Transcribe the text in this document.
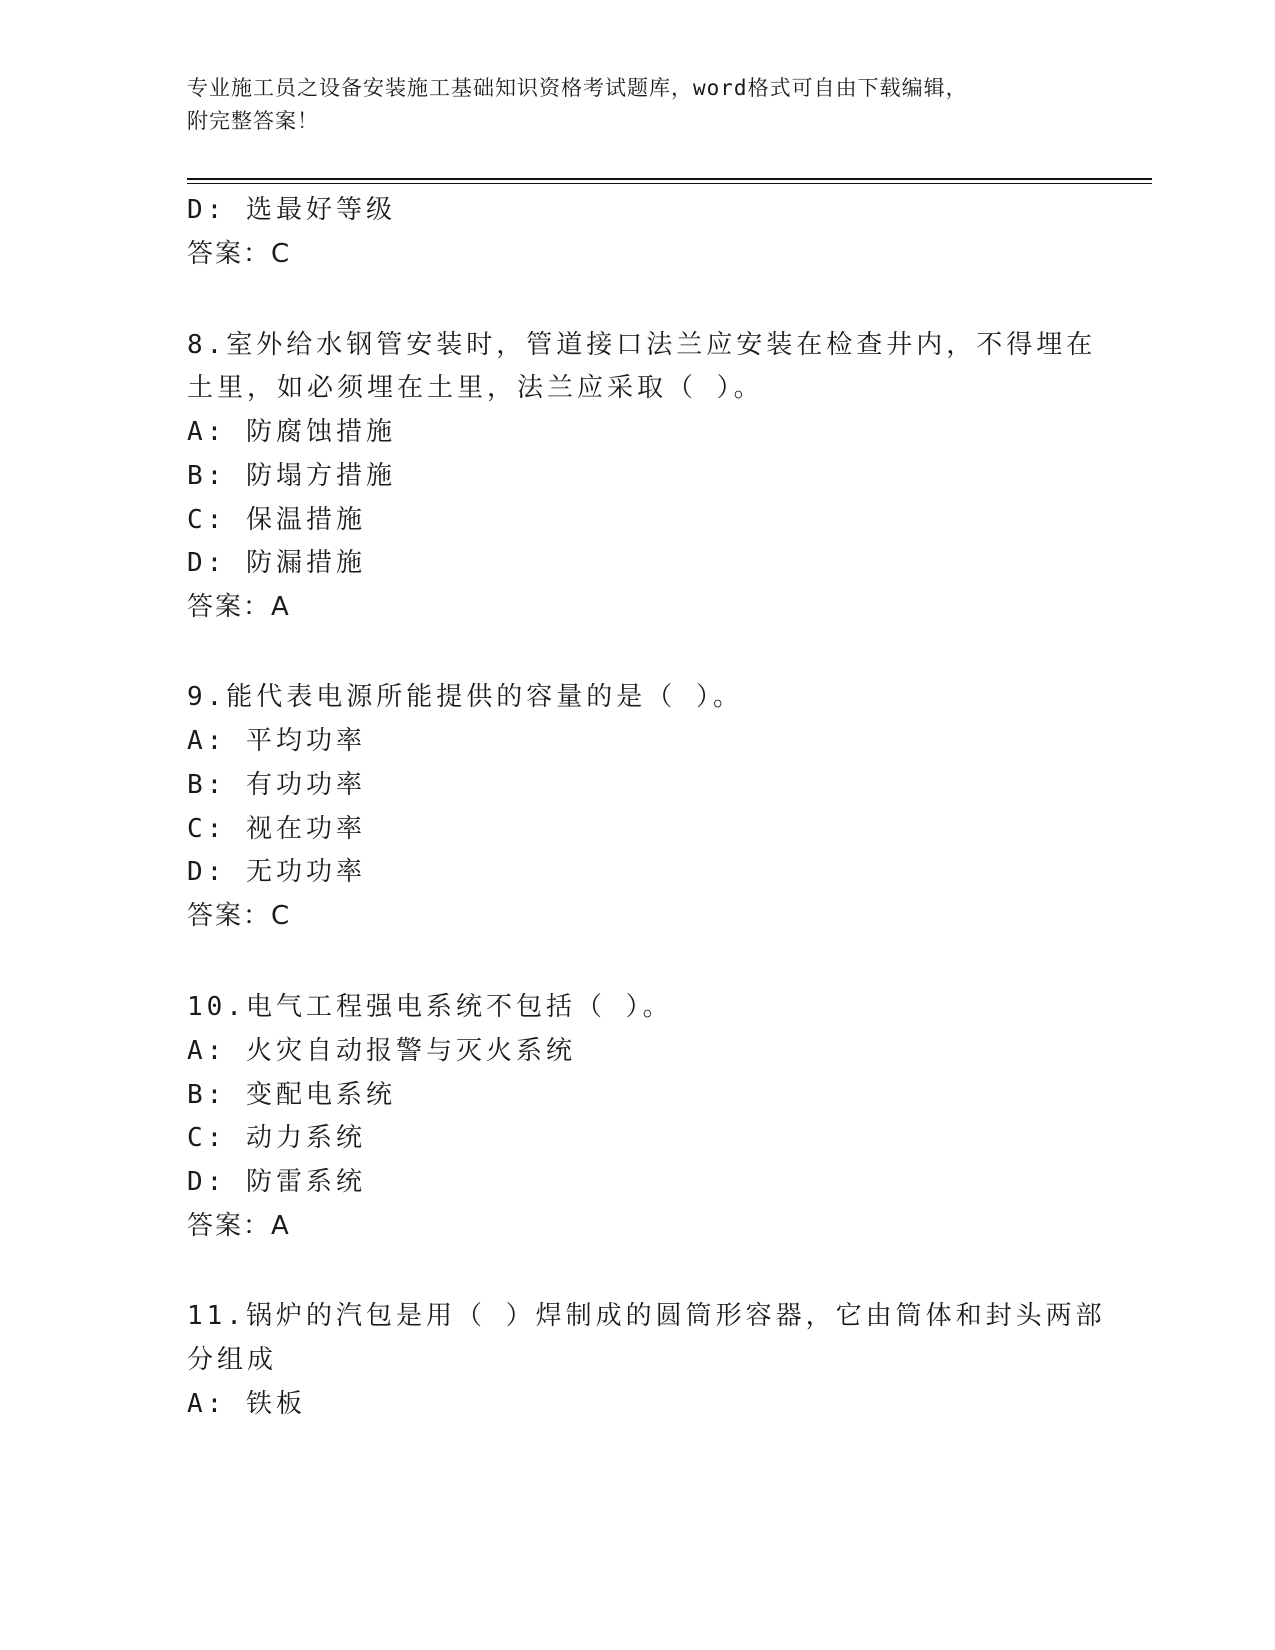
专业施工员之设备安装施工基础知识资格考试题库，word格式可自由下载编辑，
附完整答案！
D: 选最好等级
答案：C
8.室外给水钢管安装时，管道接口法兰应安装在检查井内，不得埋在
土里，如必须埋在土里，法兰应采取（ ）。
A: 防腐蚀措施
B: 防塌方措施
C: 保温措施
D: 防漏措施
答案：A
9.能代表电源所能提供的容量的是（ ）。
A: 平均功率
B: 有功功率
C: 视在功率
D: 无功功率
答案：C
10.电气工程强电系统不包括（ ）。
A: 火灾自动报警与灭火系统
B: 变配电系统
C: 动力系统
D: 防雷系统
答案：A
11.锅炉的汽包是用（ ）焊制成的圆筒形容器，它由筒体和封头两部
分组成
A: 铁板
